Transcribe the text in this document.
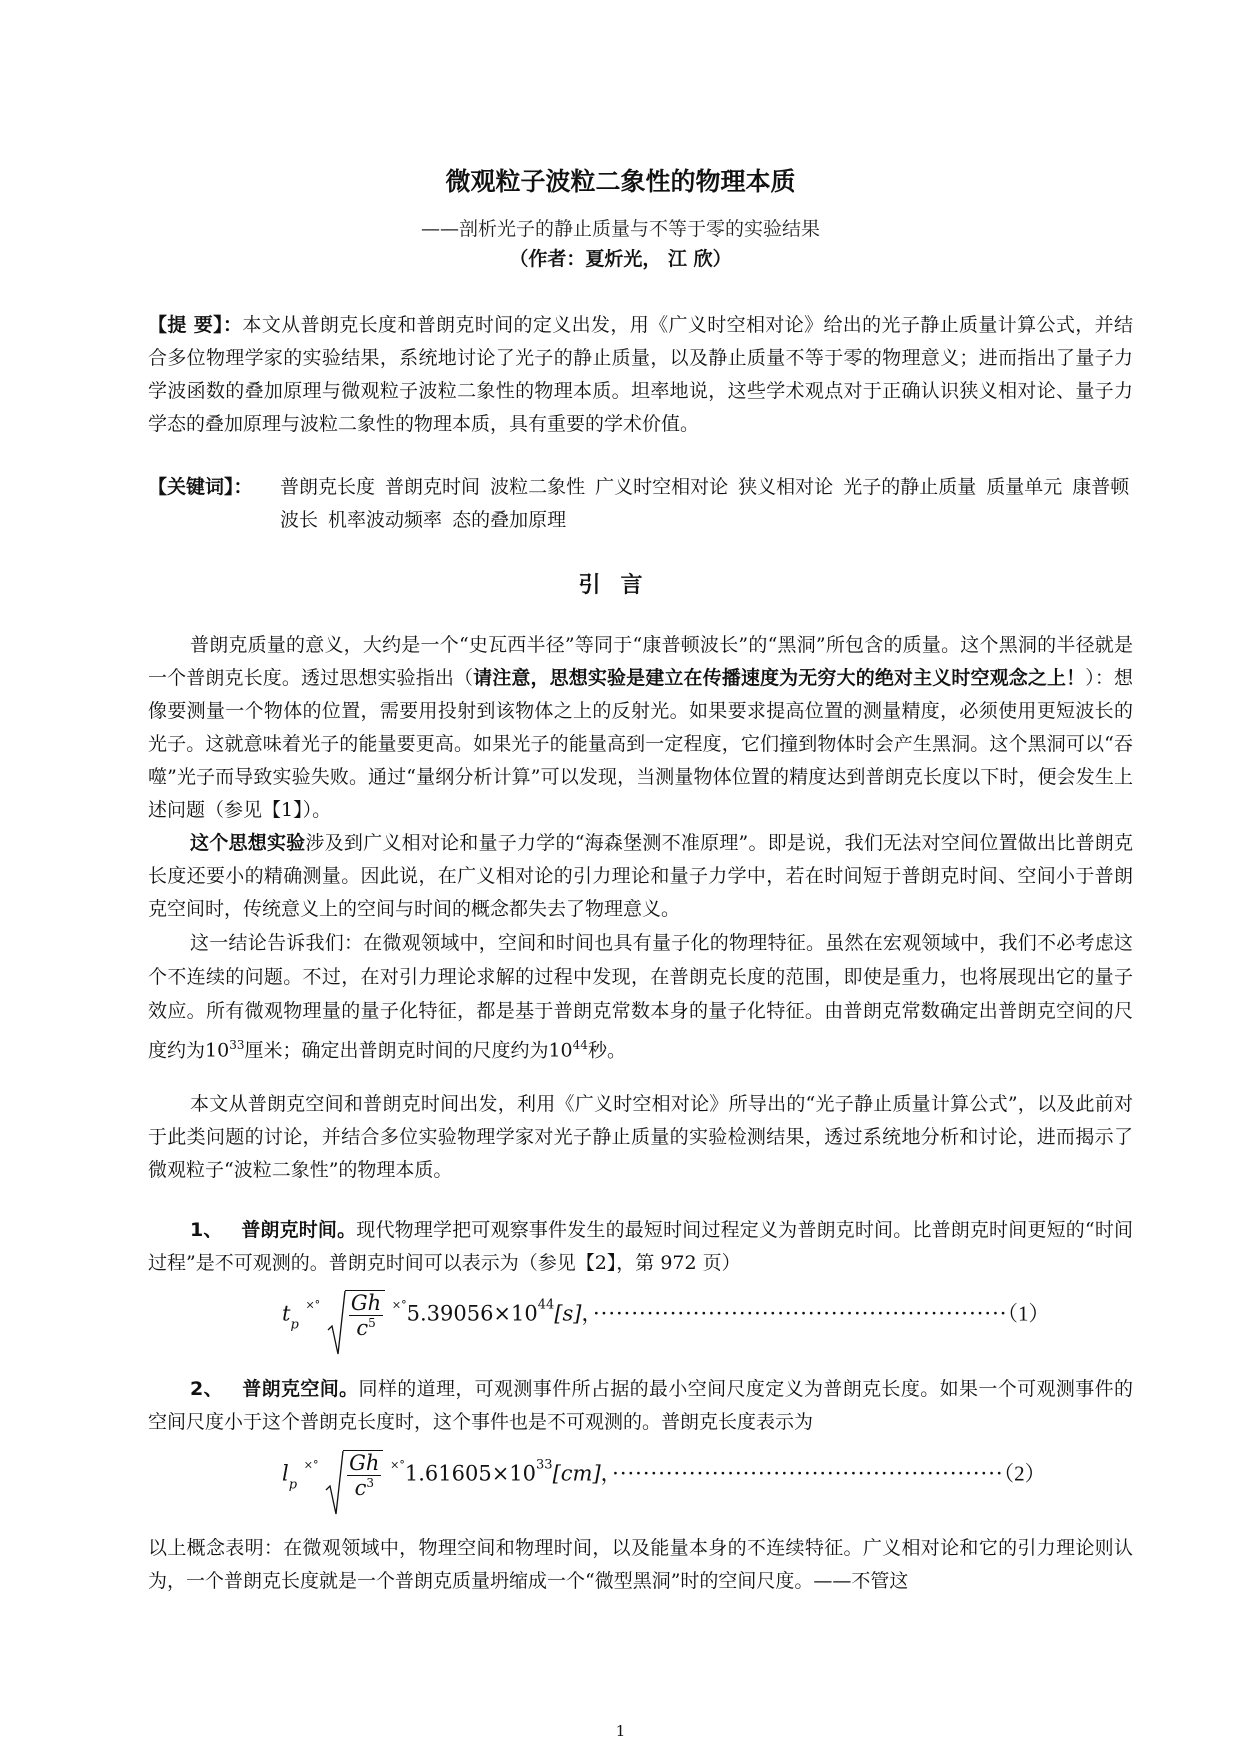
微观粒子波粒二象性的物理本质
——剖析光子的静止质量与不等于零的实验结果
（作者：夏炘光， 江 欣）
【提 要】：本文从普朗克长度和普朗克时间的定义出发，用《广义时空相对论》给出的光子静止质量计算公式，并结合多位物理学家的实验结果，系统地讨论了光子的静止质量，以及静止质量不等于零的物理意义；进而指出了量子力学波函数的叠加原理与微观粒子波粒二象性的物理本质。坦率地说，这些学术观点对于正确认识狭义相对论、量子力学态的叠加原理与波粒二象性的物理本质，具有重要的学术价值。
【关键词】： 普朗克长度 普朗克时间 波粒二象性 广义时空相对论 狭义相对论 光子的静止质量 质量单元 康普顿波长 机率波动频率 态的叠加原理
引言
普朗克质量的意义，大约是一个“史瓦西半径”等同于“康普顿波长”的“黑洞”所包含的质量。这个黑洞的半径就是一个普朗克长度。透过思想实验指出（请注意，思想实验是建立在传播速度为无穷大的绝对主义时空观念之上！）：想像要测量一个物体的位置，需要用投射到该物体之上的反射光。如果要求提高位置的测量精度，必须使用更短波长的光子。这就意味着光子的能量要更高。如果光子的能量高到一定程度，它们撞到物体时会产生黑洞。这个黑洞可以“吞噬”光子而导致实验失败。通过“量纲分析计算”可以发现，当测量物体位置的精度达到普朗克长度以下时，便会发生上述问题（参见【1】）。
这个思想实验涉及到广义相对论和量子力学的“海森堡测不准原理”。即是说，我们无法对空间位置做出比普朗克长度还要小的精确测量。因此说，在广义相对论的引力理论和量子力学中，若在时间短于普朗克时间、空间小于普朗克空间时，传统意义上的空间与时间的概念都失去了物理意义。
这一结论告诉我们：在微观领域中，空间和时间也具有量子化的物理特征。虽然在宏观领域中，我们不必考虑这个不连续的问题。不过，在对引力理论求解的过程中发现，在普朗克长度的范围，即使是重力，也将展现出它的量子效应。所有微观物理量的量子化特征，都是基于普朗克常数本身的量子化特征。由普朗克常数确定出普朗克空间的尺度约为$10^{33}$厘米；确定出普朗克时间的尺度约为$10^{44}$秒。
本文从普朗克空间和普朗克时间出发，利用《广义时空相对论》所导出的“光子静止质量计算公式”，以及此前对于此类问题的讨论，并结合多位实验物理学家对光子静止质量的实验检测结果，透过系统地分析和讨论，进而揭示了微观粒子“波粒二象性”的物理本质。
1、 普朗克时间。现代物理学把可观察事件发生的最短时间过程定义为普朗克时间。比普朗克时间更短的“时间过程”是不可观测的。普朗克时间可以表示为（参见【2】，第 972 页）
$t_p$ $^{\times^\circ} \frac{Gh}{c^5} ^{\times^\circ}5.39056\times 10^{44}[s]$，······················································（1）
2、 普朗克空间。同样的道理，可观测事件所占据的最小空间尺度定义为普朗克长度。如果一个可观测事件的空间尺度小于这个普朗克长度时，这个事件也是不可观测的。普朗克长度表示为
$l_p$ $^{\times^\circ} \frac{Gh}{c^3} ^{\times^\circ}1.61605\times 10^{33}[cm]$，···················································（2）
以上概念表明：在微观领域中，物理空间和物理时间，以及能量本身的不连续特征。广义相对论和它的引力理论则认为，一个普朗克长度就是一个普朗克质量坍缩成一个“微型黑洞”时的空间尺度。——不管这
1
